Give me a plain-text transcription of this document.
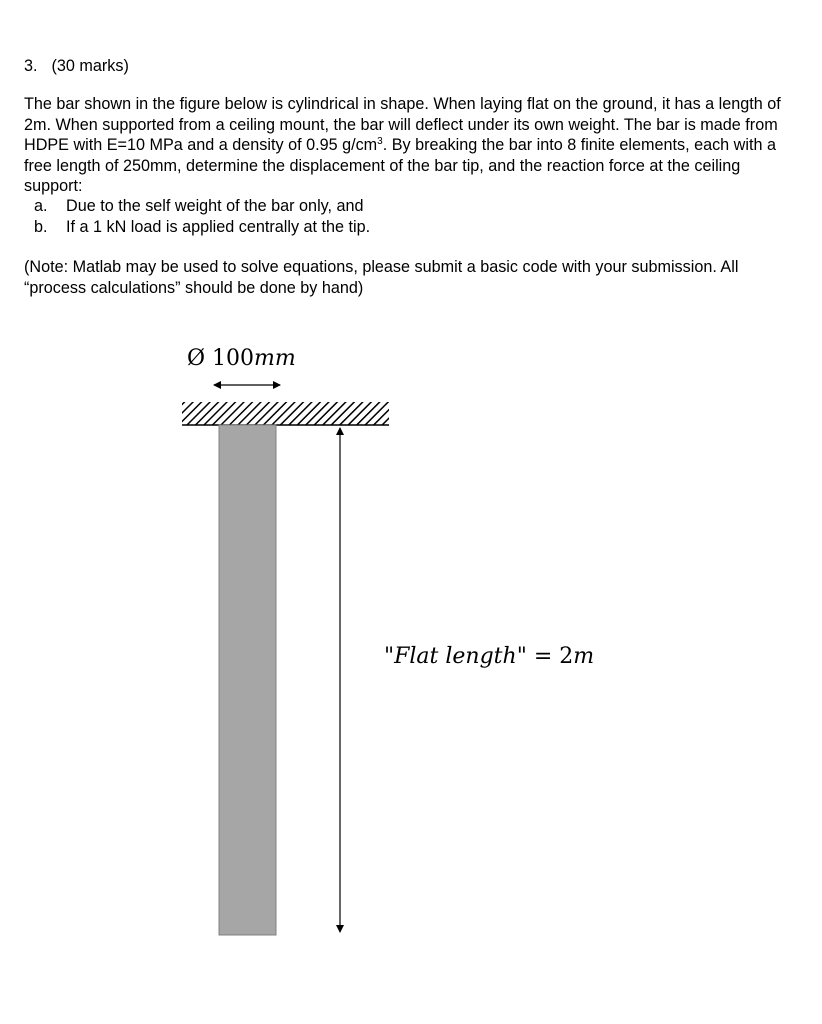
3. (30 marks)

The bar shown in the figure below is cylindrical in shape. When laying flat on the ground, it has a length of 2m. When supported from a ceiling mount, the bar will deflect under its own weight. The bar is made from HDPE with E=10 MPa and a density of 0.95 $g/cm^3$. By breaking the bar into 8 finite elements, each with a free length of 250mm, determine the displacement of the bar tip, and the reaction force at the ceiling support:

a.	Due to the self weight of the bar only, and
b.	If a 1 kN load is applied centrally at the tip.

(Note: Matlab may be used to solve equations, please submit a basic code with your submission. All “process calculations” should be done by hand)

Ø 100mm
"Flat length" = 2m
